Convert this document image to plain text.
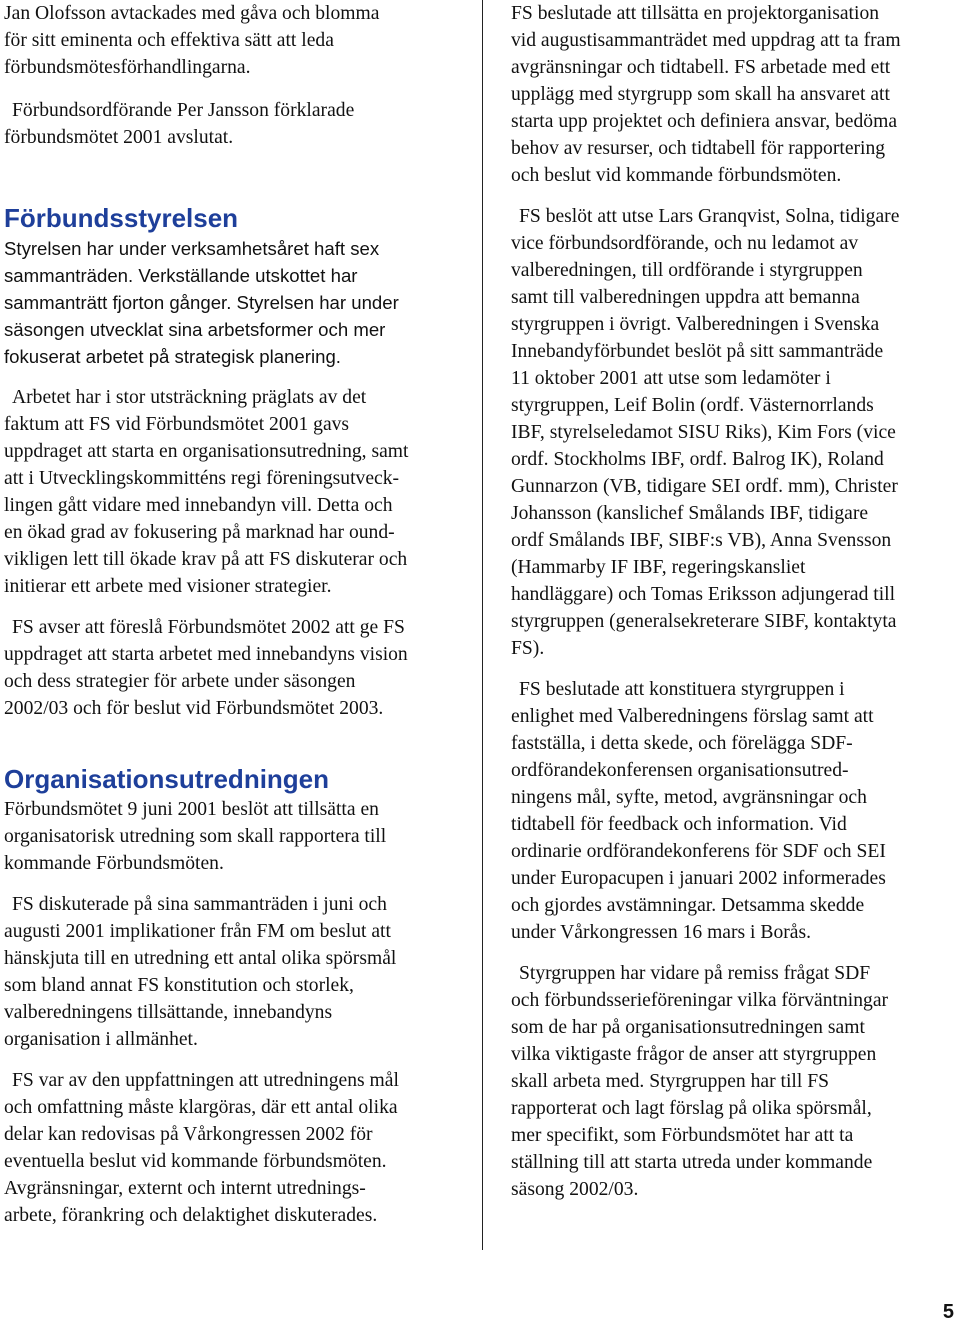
Jan Olofsson avtackades med gåva och blomma
för sitt eminenta och effektiva sätt att leda
förbundsmötesförhandlingarna.

Förbundsordförande Per Jansson förklarade
förbundsmötet 2001 avslutat.

Förbundsstyrelsen

Styrelsen har under verksamhetsåret haft sex
sammanträden. Verkställande utskottet har
sammanträtt fjorton gånger. Styrelsen har under
säsongen utvecklat sina arbetsformer och mer
fokuserat arbetet på strategisk planering.

Arbetet har i stor utsträckning präglats av det
faktum att FS vid Förbundsmötet 2001 gavs
uppdraget att starta en organisationsutredning, samt
att i Utvecklingskommitténs regi föreningsutveck-
lingen gått vidare med innebandyn vill. Detta och
en ökad grad av fokusering på marknad har ound-
vikligen lett till ökade krav på att FS diskuterar och
initierar ett arbete med visioner strategier.

FS avser att föreslå Förbundsmötet 2002 att ge FS
uppdraget att starta arbetet med innebandyns vision
och dess strategier för arbete under säsongen
2002/03 och för beslut vid Förbundsmötet 2003.

Organisationsutredningen

Förbundsmötet 9 juni 2001 beslöt att tillsätta en
organisatorisk utredning som skall rapportera till
kommande Förbundsmöten.

FS diskuterade på sina sammanträden i juni och
augusti 2001 implikationer från FM om beslut att
hänskjuta till en utredning ett antal olika spörsmål
som bland annat FS konstitution och storlek,
valberedningens tillsättande, innebandyns
organisation i allmänhet.

FS var av den uppfattningen att utredningens mål
och omfattning måste klargöras, där ett antal olika
delar kan redovisas på Vårkongressen 2002 för
eventuella beslut vid kommande förbundsmöten.
Avgränsningar, externt och internt utrednings-
arbete, förankring och delaktighet diskuterades.

FS beslutade att tillsätta en projektorganisation
vid augustisammanträdet med uppdrag att ta fram
avgränsningar och tidtabell. FS arbetade med ett
upplägg med styrgrupp som skall ha ansvaret att
starta upp projektet och definiera ansvar, bedöma
behov av resurser, och tidtabell för rapportering
och beslut vid kommande förbundsmöten.

FS beslöt att utse Lars Granqvist, Solna, tidigare
vice förbundsordförande, och nu ledamot av
valberedningen, till ordförande i styrgruppen
samt till valberedningen uppdra att bemanna
styrgruppen i övrigt. Valberedningen i Svenska
Innebandyförbundet beslöt på sitt sammanträde
11 oktober 2001 att utse som ledamöter i
styrgruppen, Leif Bolin (ordf. Västernorrlands
IBF, styrelseledamot SISU Riks), Kim Fors (vice
ordf. Stockholms IBF, ordf. Balrog IK), Roland
Gunnarzon (VB, tidigare SEI ordf. mm), Christer
Johansson (kanslichef Smålands IBF, tidigare
ordf Smålands IBF, SIBF:s VB), Anna Svensson
(Hammarby IF IBF, regeringskansliet
handläggare) och Tomas Eriksson adjungerad till
styrgruppen (generalsekreterare SIBF, kontaktyta
FS).

FS beslutade att konstituera styrgruppen i
enlighet med Valberedningens förslag samt att
fastställa, i detta skede, och förelägga SDF-
ordförandekonferensen organisationsutred-
ningens mål, syfte, metod, avgränsningar och
tidtabell för feedback och information. Vid
ordinarie ordförandekonferens för SDF och SEI
under Europacupen i januari 2002 informerades
och gjordes avstämningar. Detsamma skedde
under Vårkongressen 16 mars i Borås.

Styrgruppen har vidare på remiss frågat SDF
och förbundsserieföreningar vilka förväntningar
som de har på organisationsutredningen samt
vilka viktigaste frågor de anser att styrgruppen
skall arbeta med. Styrgruppen har till FS
rapporterat och lagt förslag på olika spörsmål,
mer specifikt, som Förbundsmötet har att ta
ställning till att starta utreda under kommande
säsong 2002/03.

5
